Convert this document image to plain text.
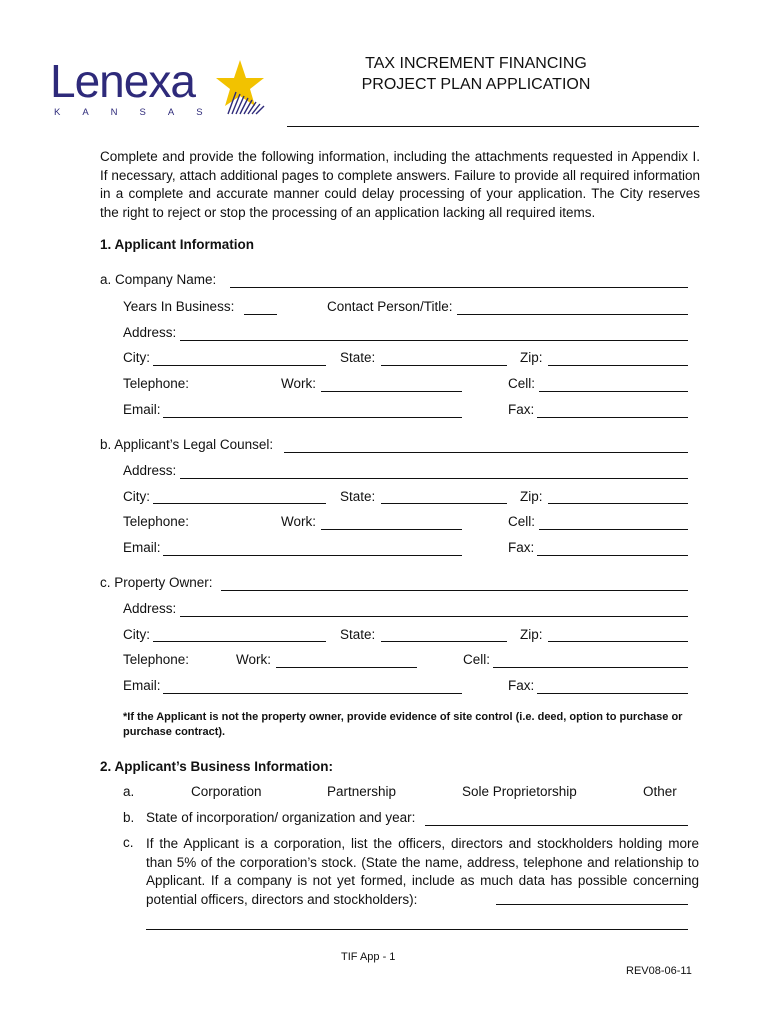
Lenexa
KANSAS
TAX INCREMENT FINANCING
PROJECT PLAN APPLICATION
Complete and provide the following information, including the attachments requested in Appendix I. If necessary, attach additional pages to complete answers. Failure to provide all required information in a complete and accurate manner could delay processing of your application. The City reserves the right to reject or stop the processing of an application lacking all required items.
1. Applicant Information
a. Company Name:
Years In Business:	Contact Person/Title:
Address:
City:	State:	Zip:
Telephone:	Work:	Cell:
Email:	Fax:
b. Applicant’s Legal Counsel:
Address:
City:	State:	Zip:
Telephone:	Work:	Cell:
Email:	Fax:
c. Property Owner:
Address:
City:	State:	Zip:
Telephone:	Work:	Cell:
Email:	Fax:
*If the Applicant is not the property owner, provide evidence of site control (i.e. deed, option to purchase or purchase contract).
2. Applicant’s Business Information:
a.	Corporation	Partnership	Sole Proprietorship	Other
b. State of incorporation/ organization and year:
c. If the Applicant is a corporation, list the officers, directors and stockholders holding more than 5% of the corporation’s stock. (State the name, address, telephone and relationship to Applicant. If a company is not yet formed, include as much data has possible concerning potential officers, directors and stockholders):
TIF App - 1
REV08-06-11
